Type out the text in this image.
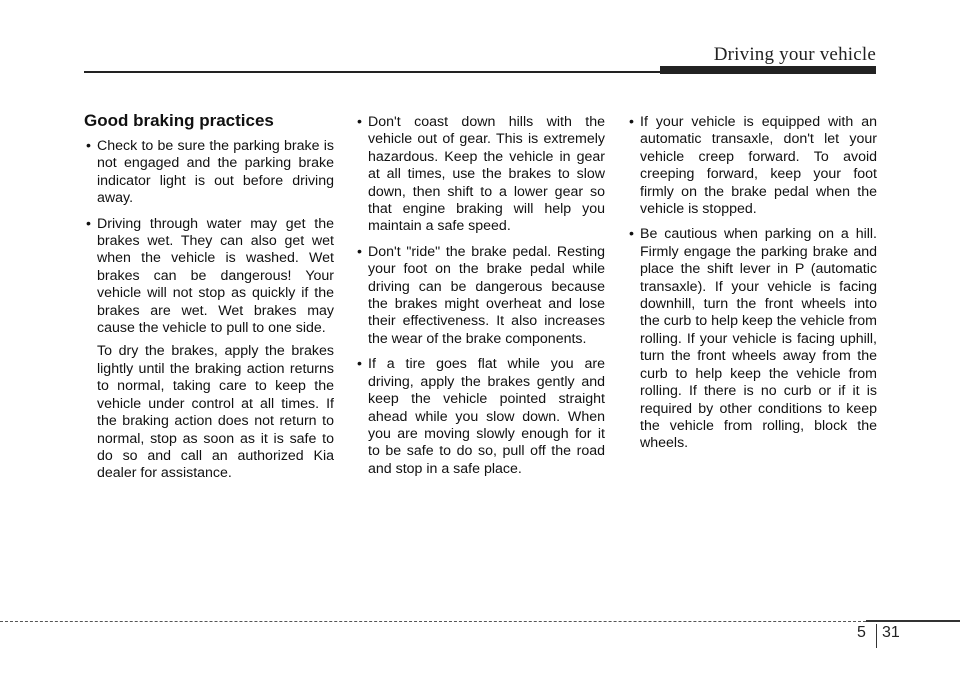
Driving your vehicle
Good braking practices
• Check to be sure the parking brake is not engaged and the parking brake indicator light is out before driving away.
• Driving through water may get the brakes wet. They can also get wet when the vehicle is washed. Wet brakes can be dangerous! Your vehicle will not stop as quickly if the brakes are wet. Wet brakes may cause the vehicle to pull to one side.

To dry the brakes, apply the brakes lightly until the braking action returns to normal, taking care to keep the vehicle under control at all times. If the braking action does not return to normal, stop as soon as it is safe to do so and call an authorized Kia dealer for assistance.

• Don't coast down hills with the vehicle out of gear. This is extremely hazardous. Keep the vehicle in gear at all times, use the brakes to slow down, then shift to a lower gear so that engine braking will help you maintain a safe speed.
• Don't "ride" the brake pedal. Resting your foot on the brake pedal while driving can be dangerous because the brakes might overheat and lose their effectiveness. It also increases the wear of the brake components.
• If a tire goes flat while you are driving, apply the brakes gently and keep the vehicle pointed straight ahead while you slow down. When you are moving slowly enough for it to be safe to do so, pull off the road and stop in a safe place.
• If your vehicle is equipped with an automatic transaxle, don't let your vehicle creep forward. To avoid creeping forward, keep your foot firmly on the brake pedal when the vehicle is stopped.
• Be cautious when parking on a hill. Firmly engage the parking brake and place the shift lever in P (automatic transaxle). If your vehicle is facing downhill, turn the front wheels into the curb to help keep the vehicle from rolling. If your vehicle is facing uphill, turn the front wheels away from the curb to help keep the vehicle from rolling. If there is no curb or if it is required by other conditions to keep the vehicle from rolling, block the wheels.
5 31
